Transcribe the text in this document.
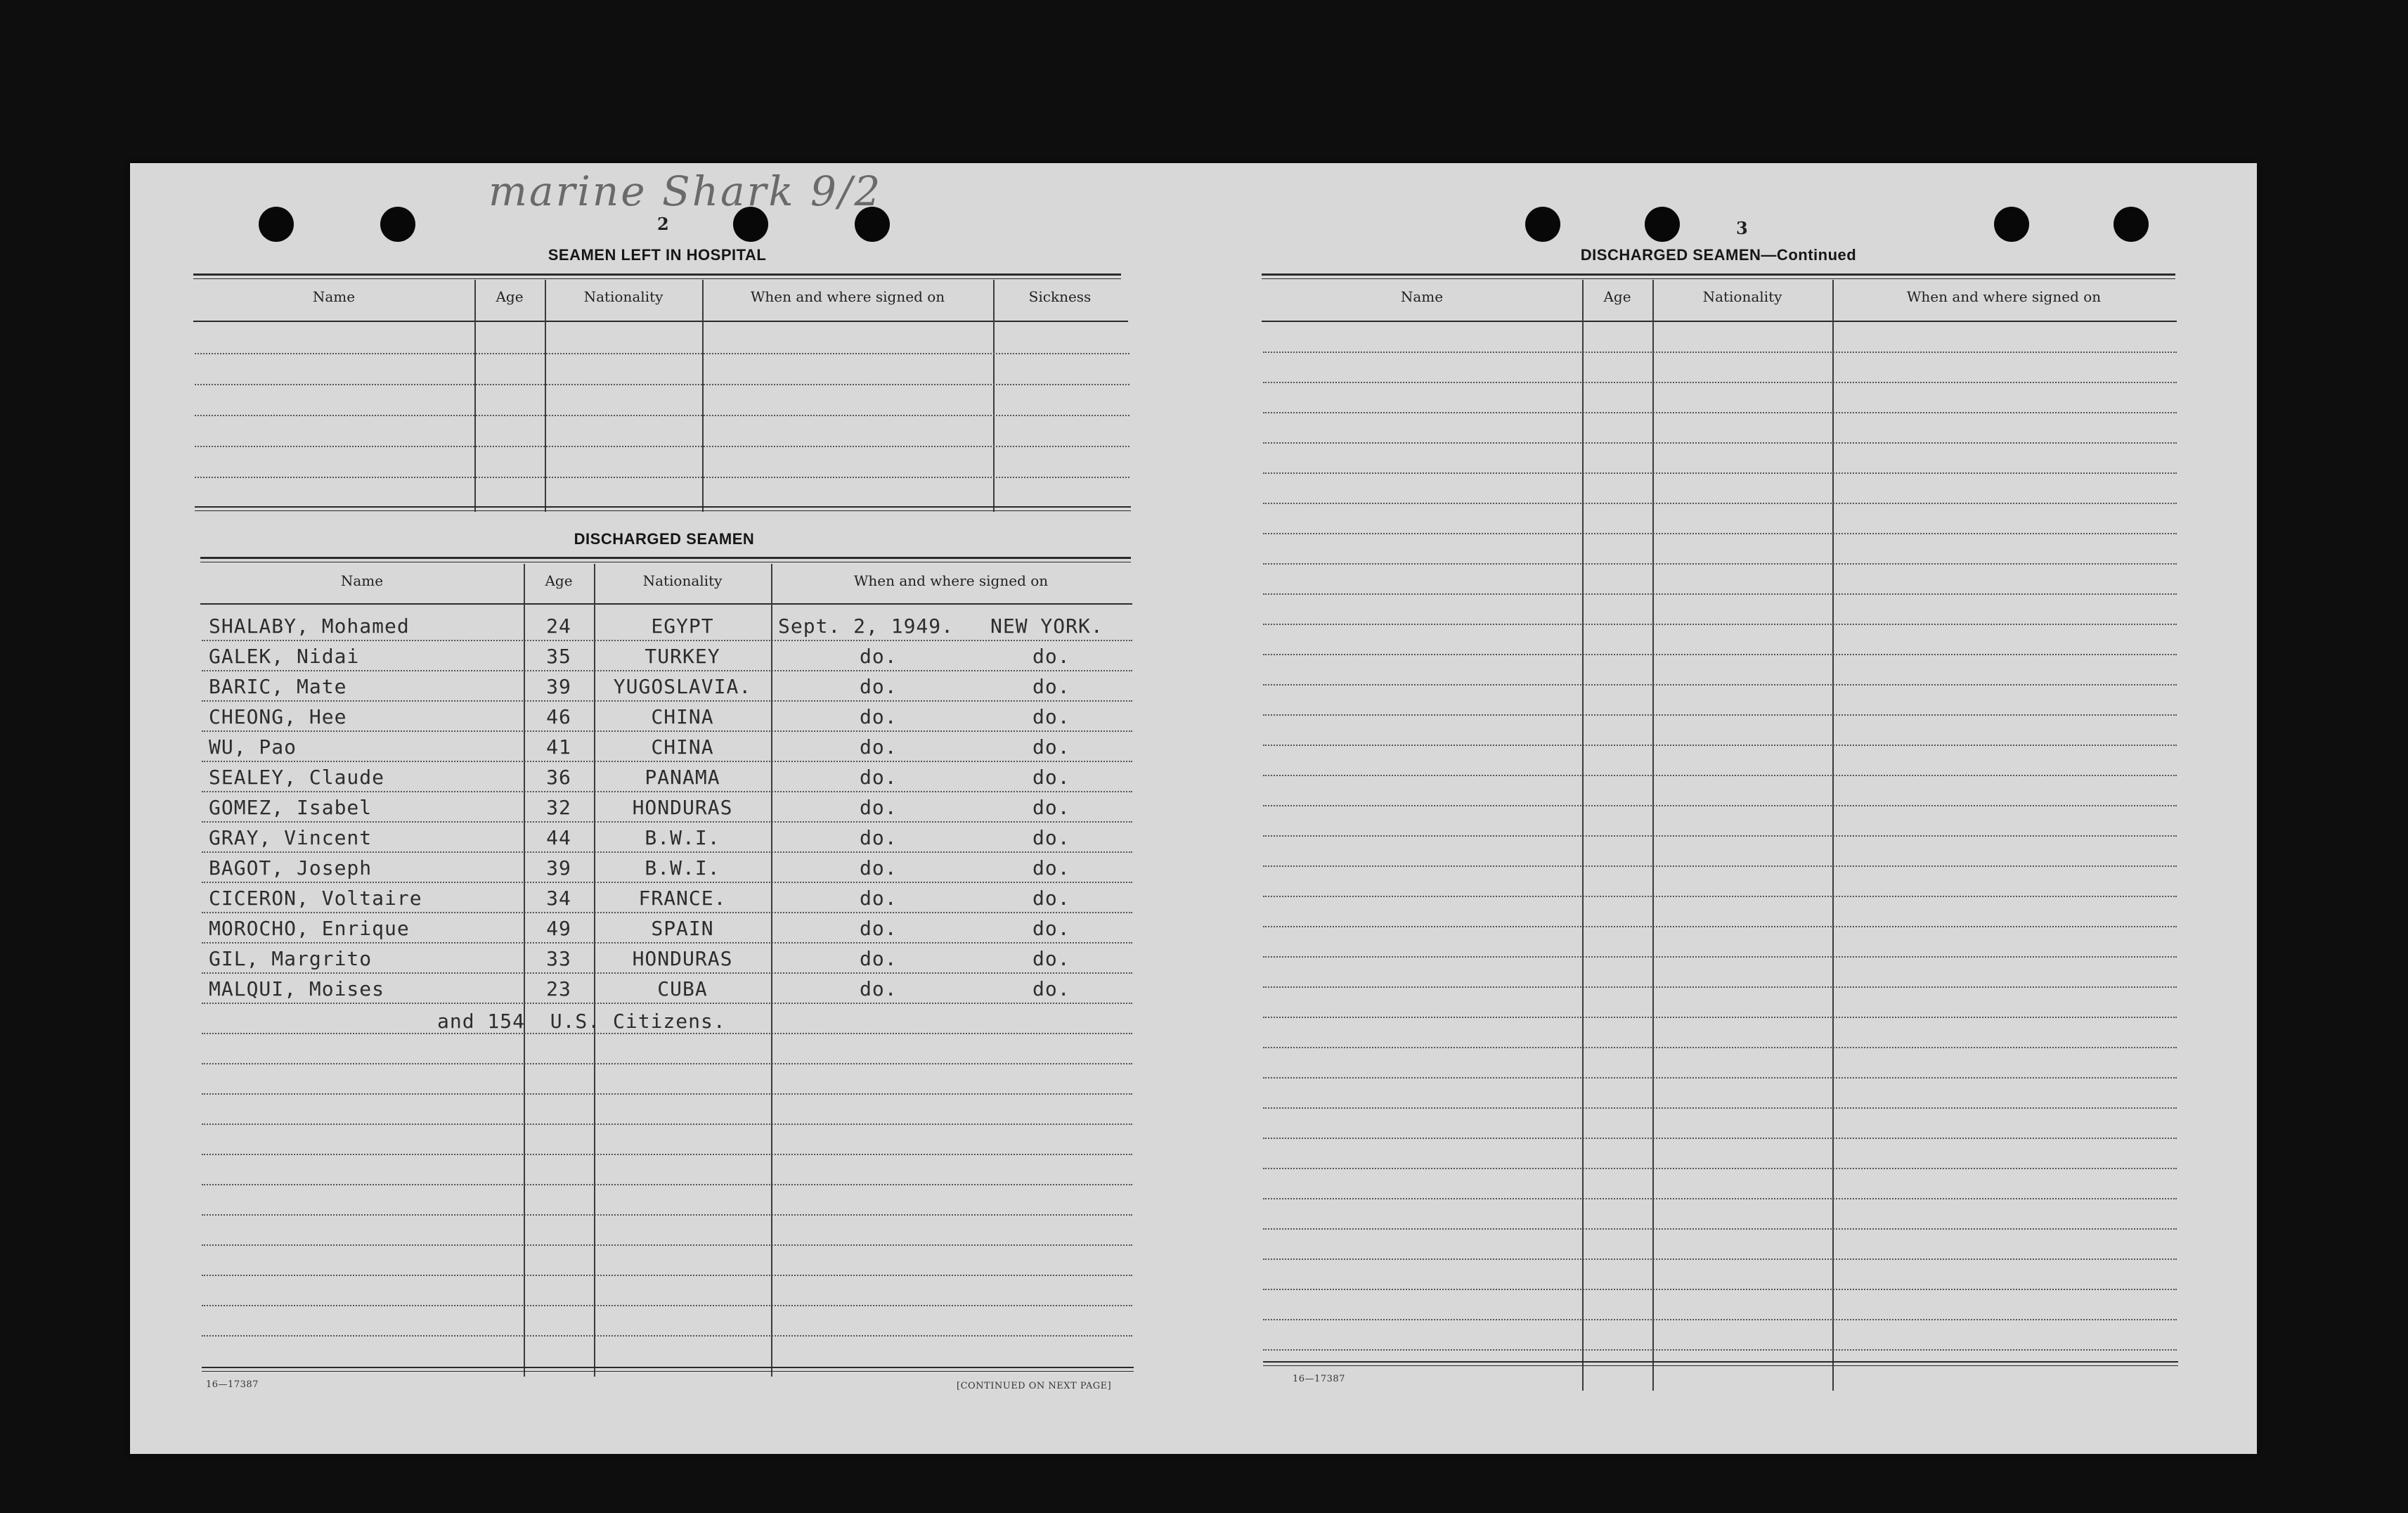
marine Shark 9/2
2
SEAMEN LEFT IN HOSPITAL
Name	Age	Nationality	When and where signed on	Sickness
DISCHARGED SEAMEN
Name	Age	Nationality	When and where signed on
SHALABY, Mohamed	24	EGYPT	Sept. 2, 1949. NEW YORK.
GALEK, Nidai	35	TURKEY	do.	do.
BARIC, Mate	39	YUGOSLAVIA.	do.	do.
CHEONG, Hee	46	CHINA	do.	do.
WU, Pao	41	CHINA	do.	do.
SEALEY, Claude	36	PANAMA	do.	do.
GOMEZ, Isabel	32	HONDURAS	do.	do.
GRAY, Vincent	44	B.W.I.	do.	do.
BAGOT, Joseph	39	B.W.I.	do.	do.
CICERON, Voltaire	34	FRANCE.	do.	do.
MOROCHO, Enrique	49	SPAIN	do.	do.
GIL, Margrito	33	HONDURAS	do.	do.
MALQUI, Moises	23	CUBA	do.	do.
and 154  U.S. Citizens.
16—17387	[CONTINUED ON NEXT PAGE]
3
DISCHARGED SEAMEN—Continued
Name	Age	Nationality	When and where signed on
16—17387
